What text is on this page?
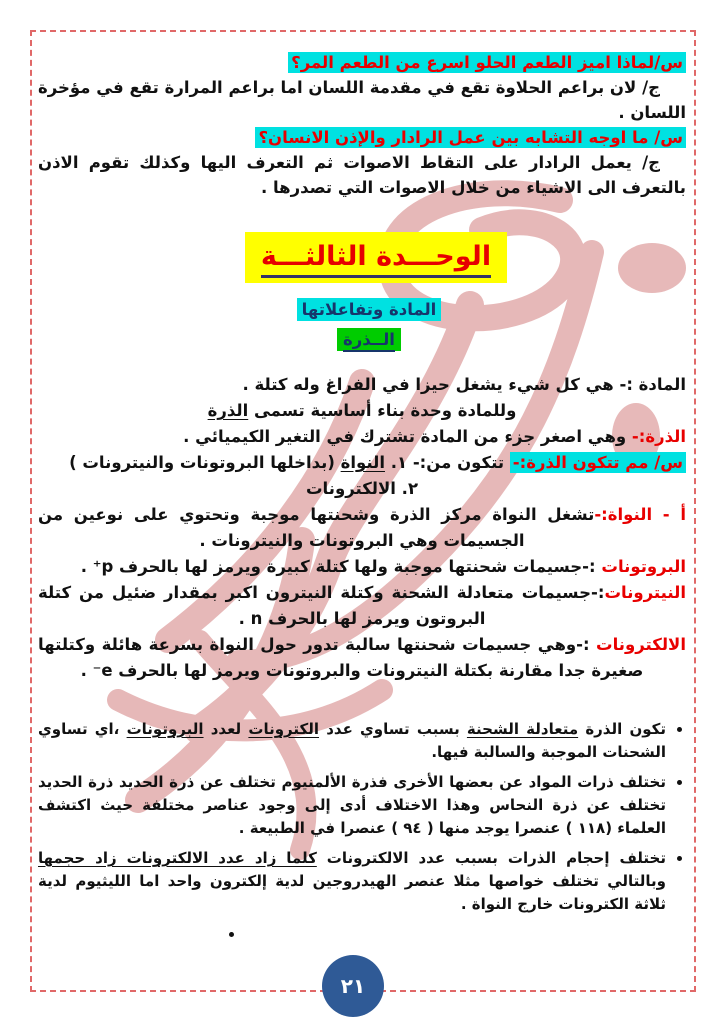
س/لماذا اميز الطعم الحلو اسرع من الطعم المر؟

ج/ لان براعم الحلاوة تقع في مقدمة اللسان اما براعم المرارة تقع في مؤخرة اللسان .

س/ ما اوجه التشابه بين عمل الرادار والإذن الانسان؟

ج/ يعمل الرادار على التقاط الاصوات ثم التعرف اليها وكذلك تقوم الاذن بالتعرف الى الاشياء من خلال الاصوات التي تصدرها .

الوحـــدة الثالثـــة
المادة وتفاعلاتها
الــذرة

المادة :- هي كل شيء يشغل حيزا في الفراغ وله كتلة .

وللمادة وحدة بناء أساسية تسمى الذرة

الذرة:- وهي اصغر جزء من المادة تشترك في التغير الكيميائي .

س/ مم تتكون الذرة:- تتكون من:- ١. النواة (بداخلها البروتونات والنيترونات )

٢. الالكترونات

أ - النواة:-تشغل النواة مركز الذرة وشحنتها موجبة وتحتوي على نوعين من الجسيمات وهي البروتونات والنيترونات .

البروتونات :-جسيمات شحنتها موجبة ولها كتلة كبيرة ويرمز لها بالحرف p⁺ .

النيترونات:-جسيمات متعادلة الشحنة وكتلة النيترون اكبر بمقدار ضئيل من كتلة البروتون ويرمز لها بالحرف n .

الالكترونات :-وهي جسيمات شحنتها سالبة تدور حول النواة بسرعة هائلة وكتلتها صغيرة جدا مقارنة بكتلة النيترونات والبروتونات ويرمز لها بالحرف e⁻ .

• تكون الذرة متعادلة الشحنة بسبب تساوي عدد الكترونات لعدد البروتونات ،اي تساوي الشحنات الموجبة والسالبة فيها.
• تختلف ذرات المواد عن بعضها الأخرى فذرة الألمنيوم تختلف عن ذرة الحديد ذرة الحديد تختلف عن ذرة النحاس وهذا الاختلاف أدى إلى وجود عناصر مختلفة حيث اكتشف العلماء (١١٨ ) عنصرا يوجد منها ( ٩٤ ) عنصرا في الطبيعة .
• تختلف إحجام الذرات بسبب عدد الالكترونات كلما زاد عدد الالكترونات زاد حجمها وبالتالي تختلف خواصها مثلا عنصر الهيدروجين لدية إلكترون واحد اما الليثيوم لدية ثلاثة الكترونات خارج النواة .
•
٢١
